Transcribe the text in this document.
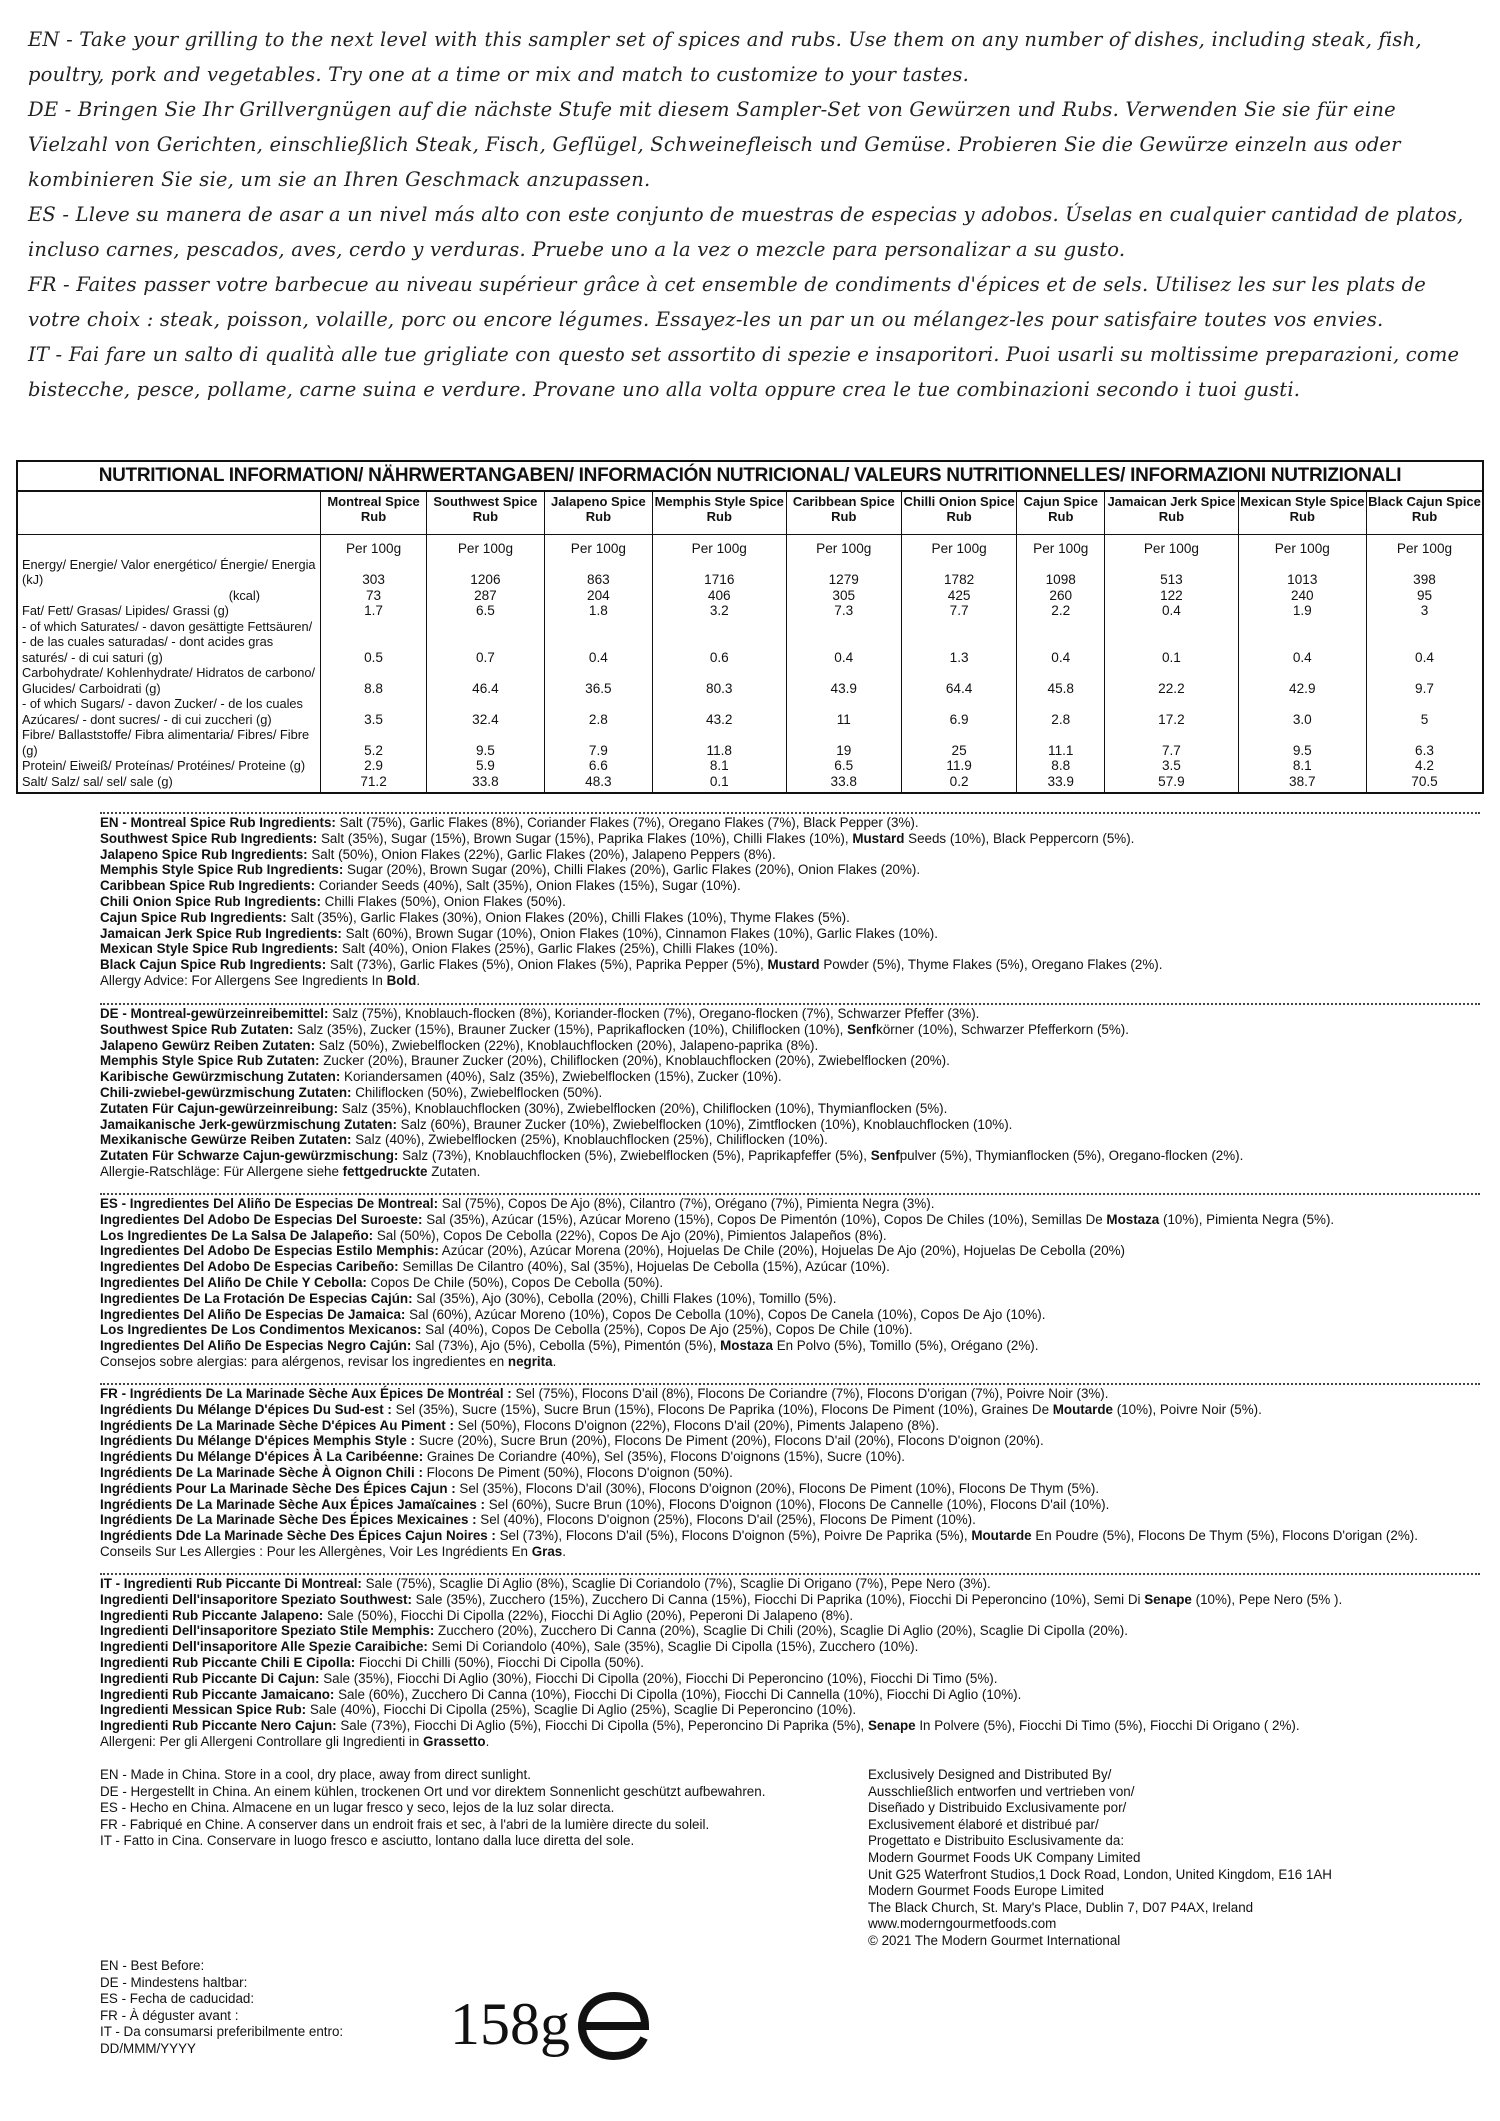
EN - Take your grilling to the next level with this sampler set of spices and rubs. Use them on any number of dishes, including steak, fish, poultry, pork and vegetables. Try one at a time or mix and match to customize to your tastes.

DE - Bringen Sie Ihr Grillvergnügen auf die nächste Stufe mit diesem Sampler-Set von Gewürzen und Rubs. Verwenden Sie sie für eine Vielzahl von Gerichten, einschließlich Steak, Fisch, Geflügel, Schweinefleisch und Gemüse. Probieren Sie die Gewürze einzeln aus oder kombinieren Sie sie, um sie an Ihren Geschmack anzupassen.

ES - Lleve su manera de asar a un nivel más alto con este conjunto de muestras de especias y adobos. Úselas en cualquier cantidad de platos, incluso carnes, pescados, aves, cerdo y verduras. Pruebe uno a la vez o mezcle para personalizar a su gusto.

FR - Faites passer votre barbecue au niveau supérieur grâce à cet ensemble de condiments d'épices et de sels. Utilisez les sur les plats de votre choix : steak, poisson, volaille, porc ou encore légumes. Essayez-les un par un ou mélangez-les pour satisfaire toutes vos envies.

IT - Fai fare un salto di qualità alle tue grigliate con questo set assortito di spezie e insaporitori. Puoi usarli su moltissime preparazioni, come bistecche, pesce, pollame, carne suina e verdure. Provane uno alla volta oppure crea le tue combinazioni secondo i tuoi gusti.

NUTRITIONAL INFORMATION/ NÄHRWERTANGABEN/ INFORMACIÓN NUTRICIONAL/ VALEURS NUTRITIONNELLES/ INFORMAZIONI NUTRIZIONALI
	Montreal Spice Rub	Southwest Spice Rub	Jalapeno Spice Rub	Memphis Style Spice Rub	Caribbean Spice Rub	Chilli Onion Spice Rub	Cajun Spice Rub	Jamaican Jerk Spice Rub	Mexican Style Spice Rub	Black Cajun Spice Rub
	Per 100g	Per 100g	Per 100g	Per 100g	Per 100g	Per 100g	Per 100g	Per 100g	Per 100g	Per 100g
Energy/ Energie/ Valor energético/ Énergie/ Energia (kJ)	303	1206	863	1716	1279	1782	1098	513	1013	398
(kcal)	73	287	204	406	305	425	260	122	240	95
Fat/ Fett/ Grasas/ Lipides/ Grassi (g)	1.7	6.5	1.8	3.2	7.3	7.7	2.2	0.4	1.9	3
- of which Saturates/ - davon gesättigte Fettsäuren/ - de las cuales saturadas/ - dont acides gras saturés/ - di cui saturi (g)	0.5	0.7	0.4	0.6	0.4	1.3	0.4	0.1	0.4	0.4
Carbohydrate/ Kohlenhydrate/ Hidratos de carbono/ Glucides/ Carboidrati (g)	8.8	46.4	36.5	80.3	43.9	64.4	45.8	22.2	42.9	9.7
- of which Sugars/ - davon Zucker/ - de los cuales Azúcares/ - dont sucres/ - di cui zuccheri (g)	3.5	32.4	2.8	43.2	11	6.9	2.8	17.2	3.0	5
Fibre/ Ballaststoffe/ Fibra alimentaria/ Fibres/ Fibre (g)	5.2	9.5	7.9	11.8	19	25	11.1	7.7	9.5	6.3
Protein/ Eiweiß/ Proteínas/ Protéines/ Proteine (g)	2.9	5.9	6.6	8.1	6.5	11.9	8.8	3.5	8.1	4.2
Salt/ Salz/ sal/ sel/ sale (g)	71.2	33.8	48.3	0.1	33.8	0.2	33.9	57.9	38.7	70.5

EN - Montreal Spice Rub Ingredients: Salt (75%), Garlic Flakes (8%), Coriander Flakes (7%), Oregano Flakes (7%), Black Pepper (3%).

Southwest Spice Rub Ingredients: Salt (35%), Sugar (15%), Brown Sugar (15%), Paprika Flakes (10%), Chilli Flakes (10%), Mustard Seeds (10%), Black Peppercorn (5%).

Jalapeno Spice Rub Ingredients: Salt (50%), Onion Flakes (22%), Garlic Flakes (20%), Jalapeno Peppers (8%).

Memphis Style Spice Rub Ingredients: Sugar (20%), Brown Sugar (20%), Chilli Flakes (20%), Garlic Flakes (20%), Onion Flakes (20%).

Caribbean Spice Rub Ingredients: Coriander Seeds (40%), Salt (35%), Onion Flakes (15%), Sugar (10%).

Chili Onion Spice Rub Ingredients: Chilli Flakes (50%), Onion Flakes (50%).

Cajun Spice Rub Ingredients: Salt (35%), Garlic Flakes (30%), Onion Flakes (20%), Chilli Flakes (10%), Thyme Flakes (5%).

Jamaican Jerk Spice Rub Ingredients: Salt (60%), Brown Sugar (10%), Onion Flakes (10%), Cinnamon Flakes (10%), Garlic Flakes (10%).

Mexican Style Spice Rub Ingredients: Salt (40%), Onion Flakes (25%), Garlic Flakes (25%), Chilli Flakes (10%).

Black Cajun Spice Rub Ingredients: Salt (73%), Garlic Flakes (5%), Onion Flakes (5%), Paprika Pepper (5%), Mustard Powder (5%), Thyme Flakes (5%), Oregano Flakes (2%).

Allergy Advice: For Allergens See Ingredients In Bold.

DE - Montreal-gewürzeinreibemittel: Salz (75%), Knoblauch-flocken (8%), Koriander-flocken (7%), Oregano-flocken (7%), Schwarzer Pfeffer (3%).

Southwest Spice Rub Zutaten: Salz (35%), Zucker (15%), Brauner Zucker (15%), Paprikaflocken (10%), Chiliflocken (10%), Senfkörner (10%), Schwarzer Pfefferkorn (5%).

Jalapeno Gewürz Reiben Zutaten: Salz (50%), Zwiebelflocken (22%), Knoblauchflocken (20%), Jalapeno-paprika (8%).

Memphis Style Spice Rub Zutaten: Zucker (20%), Brauner Zucker (20%), Chiliflocken (20%), Knoblauchflocken (20%), Zwiebelflocken (20%).

Karibische Gewürzmischung Zutaten: Koriandersamen (40%), Salz (35%), Zwiebelflocken (15%), Zucker (10%).

Chili-zwiebel-gewürzmischung Zutaten: Chiliflocken (50%), Zwiebelflocken (50%).

Zutaten Für Cajun-gewürzeinreibung: Salz (35%), Knoblauchflocken (30%), Zwiebelflocken (20%), Chiliflocken (10%), Thymianflocken (5%).

Jamaikanische Jerk-gewürzmischung Zutaten: Salz (60%), Brauner Zucker (10%), Zwiebelflocken (10%), Zimtflocken (10%), Knoblauchflocken (10%).

Mexikanische Gewürze Reiben Zutaten: Salz (40%), Zwiebelflocken (25%), Knoblauchflocken (25%), Chiliflocken (10%).

Zutaten Für Schwarze Cajun-gewürzmischung: Salz (73%), Knoblauchflocken (5%), Zwiebelflocken (5%), Paprikapfeffer (5%), Senfpulver (5%), Thymianflocken (5%), Oregano-flocken (2%).

Allergie-Ratschläge: Für Allergene siehe fettgedruckte Zutaten.

ES - Ingredientes Del Aliño De Especias De Montreal: Sal (75%), Copos De Ajo (8%), Cilantro (7%), Orégano (7%), Pimienta Negra (3%).

Ingredientes Del Adobo De Especias Del Suroeste: Sal (35%), Azúcar (15%), Azúcar Moreno (15%), Copos De Pimentón (10%), Copos De Chiles (10%), Semillas De Mostaza (10%), Pimienta Negra (5%).

Los Ingredientes De La Salsa De Jalapeño: Sal (50%), Copos De Cebolla (22%), Copos De Ajo (20%), Pimientos Jalapeños (8%).

Ingredientes Del Adobo De Especias Estilo Memphis: Azúcar (20%), Azúcar Morena (20%), Hojuelas De Chile (20%), Hojuelas De Ajo (20%), Hojuelas De Cebolla (20%)

Ingredientes Del Adobo De Especias Caribeño: Semillas De Cilantro (40%), Sal (35%), Hojuelas De Cebolla (15%), Azúcar (10%).

Ingredientes Del Aliño De Chile Y Cebolla: Copos De Chile (50%), Copos De Cebolla (50%).

Ingredientes De La Frotación De Especias Cajún: Sal (35%), Ajo (30%), Cebolla (20%), Chilli Flakes (10%), Tomillo (5%).

Ingredientes Del Aliño De Especias De Jamaica: Sal (60%), Azúcar Moreno (10%), Copos De Cebolla (10%), Copos De Canela (10%), Copos De Ajo (10%).

Los Ingredientes De Los Condimentos Mexicanos: Sal (40%), Copos De Cebolla (25%), Copos De Ajo (25%), Copos De Chile (10%).

Ingredientes Del Aliño De Especias Negro Cajún: Sal (73%), Ajo (5%), Cebolla (5%), Pimentón (5%), Mostaza En Polvo (5%), Tomillo (5%), Orégano (2%).

Consejos sobre alergias: para alérgenos, revisar los ingredientes en negrita.

FR - Ingrédients De La Marinade Sèche Aux Épices De Montréal : Sel (75%), Flocons D'ail (8%), Flocons De Coriandre (7%), Flocons D'origan (7%), Poivre Noir (3%).

Ingrédients Du Mélange D'épices Du Sud-est : Sel (35%), Sucre (15%), Sucre Brun (15%), Flocons De Paprika (10%), Flocons De Piment (10%), Graines De Moutarde (10%), Poivre Noir (5%).

Ingrédients De La Marinade Sèche D'épices Au Piment : Sel (50%), Flocons D'oignon (22%), Flocons D'ail (20%), Piments Jalapeno (8%).

Ingrédients Du Mélange D'épices Memphis Style : Sucre (20%), Sucre Brun (20%), Flocons De Piment (20%), Flocons D'ail (20%), Flocons D'oignon (20%).

Ingrédients Du Mélange D'épices À La Caribéenne: Graines De Coriandre (40%), Sel (35%), Flocons D'oignons (15%), Sucre (10%).

Ingrédients De La Marinade Sèche À Oignon Chili : Flocons De Piment (50%), Flocons D'oignon (50%).

Ingrédients Pour La Marinade Sèche Des Épices Cajun : Sel (35%), Flocons D'ail (30%), Flocons D'oignon (20%), Flocons De Piment (10%), Flocons De Thym (5%).

Ingrédients De La Marinade Sèche Aux Épices Jamaïcaines : Sel (60%), Sucre Brun (10%), Flocons D'oignon (10%), Flocons De Cannelle (10%), Flocons D'ail (10%).

Ingrédients De La Marinade Sèche Des Épices Mexicaines : Sel (40%), Flocons D'oignon (25%), Flocons D'ail (25%), Flocons De Piment (10%).

Ingrédients Dde La Marinade Sèche Des Épices Cajun Noires : Sel (73%), Flocons D'ail (5%), Flocons D'oignon (5%), Poivre De Paprika (5%), Moutarde En Poudre (5%), Flocons De Thym (5%), Flocons D'origan (2%).

Conseils Sur Les Allergies : Pour les Allergènes, Voir Les Ingrédients En Gras.

IT - Ingredienti Rub Piccante Di Montreal: Sale (75%), Scaglie Di Aglio (8%), Scaglie Di Coriandolo (7%), Scaglie Di Origano (7%), Pepe Nero (3%).

Ingredienti Dell'insaporitore Speziato Southwest: Sale (35%), Zucchero (15%), Zucchero Di Canna (15%), Fiocchi Di Paprika (10%), Fiocchi Di Peperoncino (10%), Semi Di Senape (10%), Pepe Nero (5% ).

Ingredienti Rub Piccante Jalapeno: Sale (50%), Fiocchi Di Cipolla (22%), Fiocchi Di Aglio (20%), Peperoni Di Jalapeno (8%).

Ingredienti Dell'insaporitore Speziato Stile Memphis: Zucchero (20%), Zucchero Di Canna (20%), Scaglie Di Chili (20%), Scaglie Di Aglio (20%), Scaglie Di Cipolla (20%).

Ingredienti Dell'insaporitore Alle Spezie Caraibiche: Semi Di Coriandolo (40%), Sale (35%), Scaglie Di Cipolla (15%), Zucchero (10%).

Ingredienti Rub Piccante Chili E Cipolla: Fiocchi Di Chilli (50%), Fiocchi Di Cipolla (50%).

Ingredienti Rub Piccante Di Cajun: Sale (35%), Fiocchi Di Aglio (30%), Fiocchi Di Cipolla (20%), Fiocchi Di Peperoncino (10%), Fiocchi Di Timo (5%).

Ingredienti Rub Piccante Jamaicano: Sale (60%), Zucchero Di Canna (10%), Fiocchi Di Cipolla (10%), Fiocchi Di Cannella (10%), Fiocchi Di Aglio (10%).

Ingredienti Messican Spice Rub: Sale (40%), Fiocchi Di Cipolla (25%), Scaglie Di Aglio (25%), Scaglie Di Peperoncino (10%).

Ingredienti Rub Piccante Nero Cajun: Sale (73%), Fiocchi Di Aglio (5%), Fiocchi Di Cipolla (5%), Peperoncino Di Paprika (5%), Senape In Polvere (5%), Fiocchi Di Timo (5%), Fiocchi Di Origano ( 2%).

Allergeni: Per gli Allergeni Controllare gli Ingredienti in Grassetto.

EN - Made in China. Store in a cool, dry place, away from direct sunlight.

DE - Hergestellt in China. An einem kühlen, trockenen Ort und vor direktem Sonnenlicht geschützt aufbewahren.

ES - Hecho en China. Almacene en un lugar fresco y seco, lejos de la luz solar directa.

FR - Fabriqué en Chine. A conserver dans un endroit frais et sec, à l'abri de la lumière directe du soleil.

IT - Fatto in Cina. Conservare in luogo fresco e asciutto, lontano dalla luce diretta del sole.

EN - Best Before:

DE - Mindestens haltbar:

ES - Fecha de caducidad:

FR - À déguster avant :

IT - Da consumarsi preferibilmente entro:

DD/MMM/YYYY	158g

Exclusively Designed and Distributed By/

Ausschließlich entworfen und vertrieben von/

Diseñado y Distribuido Exclusivamente por/

Exclusivement élaboré et distribué par/

Progettato e Distribuito Esclusivamente da:

Modern Gourmet Foods UK Company Limited

Unit G25 Waterfront Studios,1 Dock Road, London, United Kingdom, E16 1AH

Modern Gourmet Foods Europe Limited

The Black Church, St. Mary's Place, Dublin 7, D07 P4AX, Ireland

www.moderngourmetfoods.com

© 2021 The Modern Gourmet International
